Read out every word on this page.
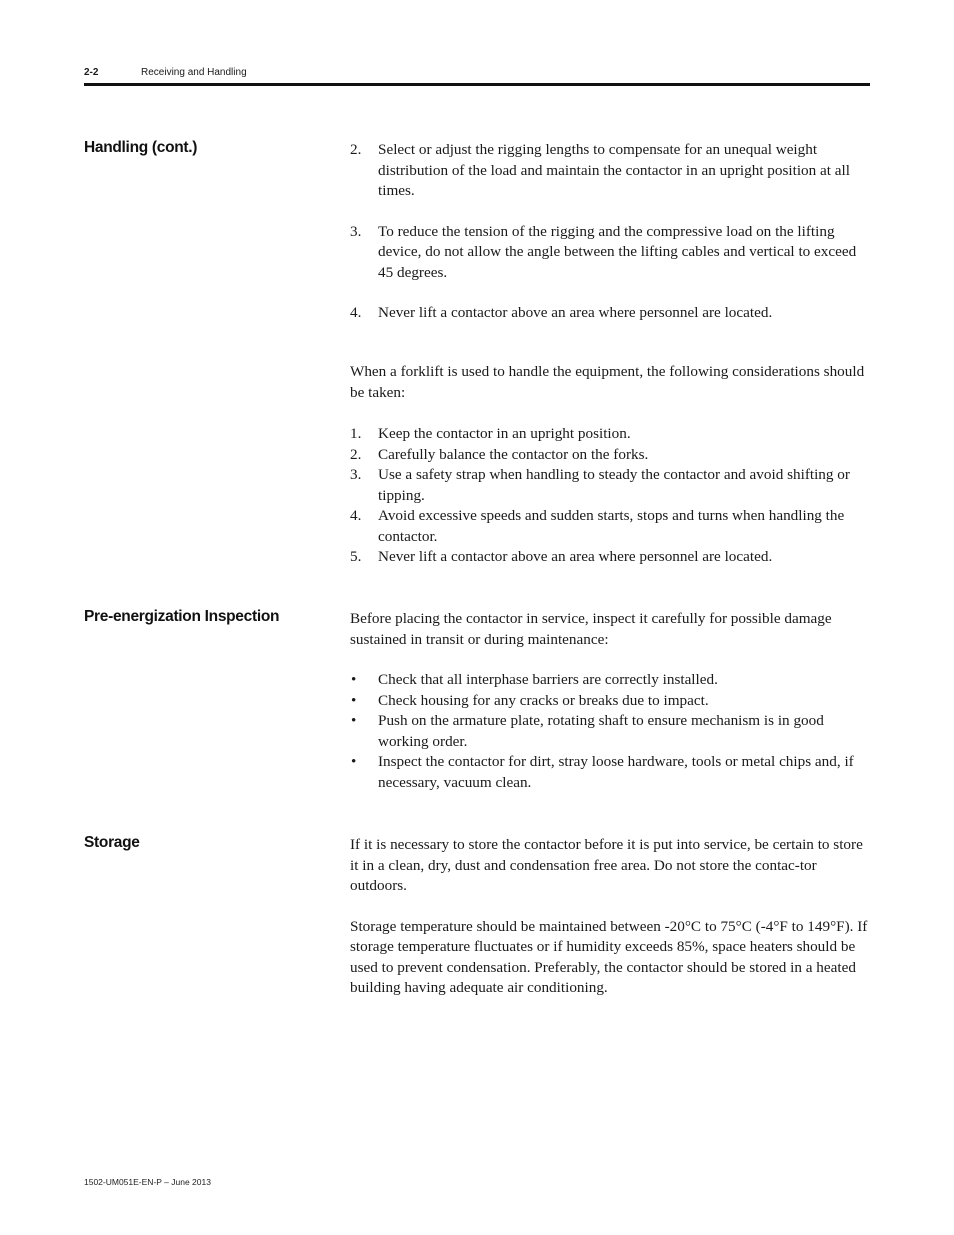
2-2	Receiving and Handling
Handling (cont.)	2. Select or adjust the rigging lengths to compensate for an unequal weight distribution of the load and maintain the contactor in an upright position at all times.
3. To reduce the tension of the rigging and the compressive load on the lifting device, do not allow the angle between the lifting cables and vertical to exceed 45 degrees.
4. Never lift a contactor above an area where personnel are located.

When a forklift is used to handle the equipment, the following considerations should be taken:

1. Keep the contactor in an upright position.
2. Carefully balance the contactor on the forks.
3. Use a safety strap when handling to steady the contactor and avoid shifting or tipping.
4. Avoid excessive speeds and sudden starts, stops and turns when handling the contactor.
5. Never lift a contactor above an area where personnel are located.
Pre-energization Inspection	Before placing the contactor in service, inspect it carefully for possible damage sustained in transit or during maintenance:

• Check that all interphase barriers are correctly installed.
• Check housing for any cracks or breaks due to impact.
• Push on the armature plate, rotating shaft to ensure mechanism is in good working order.
• Inspect the contactor for dirt, stray loose hardware, tools or metal chips and, if necessary, vacuum clean.
Storage	If it is necessary to store the contactor before it is put into service, be certain to store it in a clean, dry, dust and condensation free area. Do not store the contac-tor outdoors.

Storage temperature should be maintained between -20°C to 75°C (-4°F to 149°F). If storage temperature fluctuates or if humidity exceeds 85%, space heaters should be used to prevent condensation. Preferably, the contactor should be stored in a heated building having adequate air conditioning.

1502-UM051E-EN-P – June 2013
